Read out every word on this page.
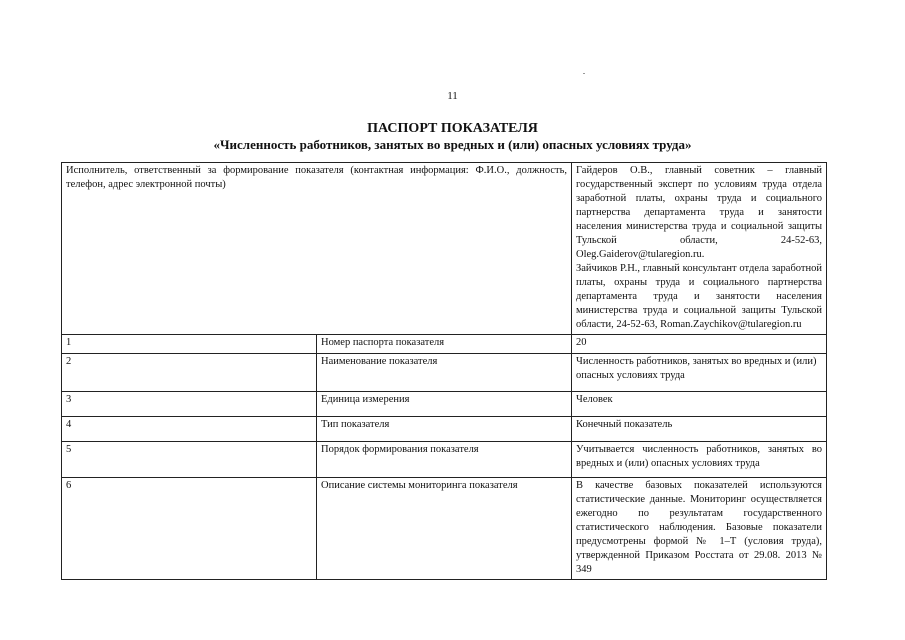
11
ПАСПОРТ ПОКАЗАТЕЛЯ
«Численность работников, занятых во вредных и (или) опасных условиях труда»
Исполнитель, ответственный за формирование показателя (контактная информация: Ф.И.О., должность, телефон, адрес электронной почты)		Гайдеров О.В., главный советник – главный государственный эксперт по условиям труда отдела заработной платы, охраны труда и социального партнерства департамента труда и занятости населения министерства труда и социальной защиты Тульской области, 24-52-63, Oleg.Gaiderov@tularegion.ru.
Зайчиков Р.Н., главный консультант отдела заработной платы, охраны труда и социального партнерства департамента труда и занятости населения министерства труда и социальной защиты Тульской области, 24-52-63, Roman.Zaychikov@tularegion.ru

1	Номер паспорта показателя	20
2	Наименование показателя	Численность работников, занятых во вредных и (или) опасных условиях труда
3	Единица измерения	Человек
4	Тип показателя	Конечный показатель
5	Порядок формирования показателя	Учитывается численность работников, занятых во вредных и (или) опасных условиях труда
6	Описание системы мониторинга показателя	В качестве базовых показателей используются статистические данные. Мониторинг осуществляется ежегодно по результатам государственного статистического наблюдения. Базовые показатели предусмотрены формой № 1–Т (условия труда), утвержденной Приказом Росстата от 29.08. 2013 № 349
